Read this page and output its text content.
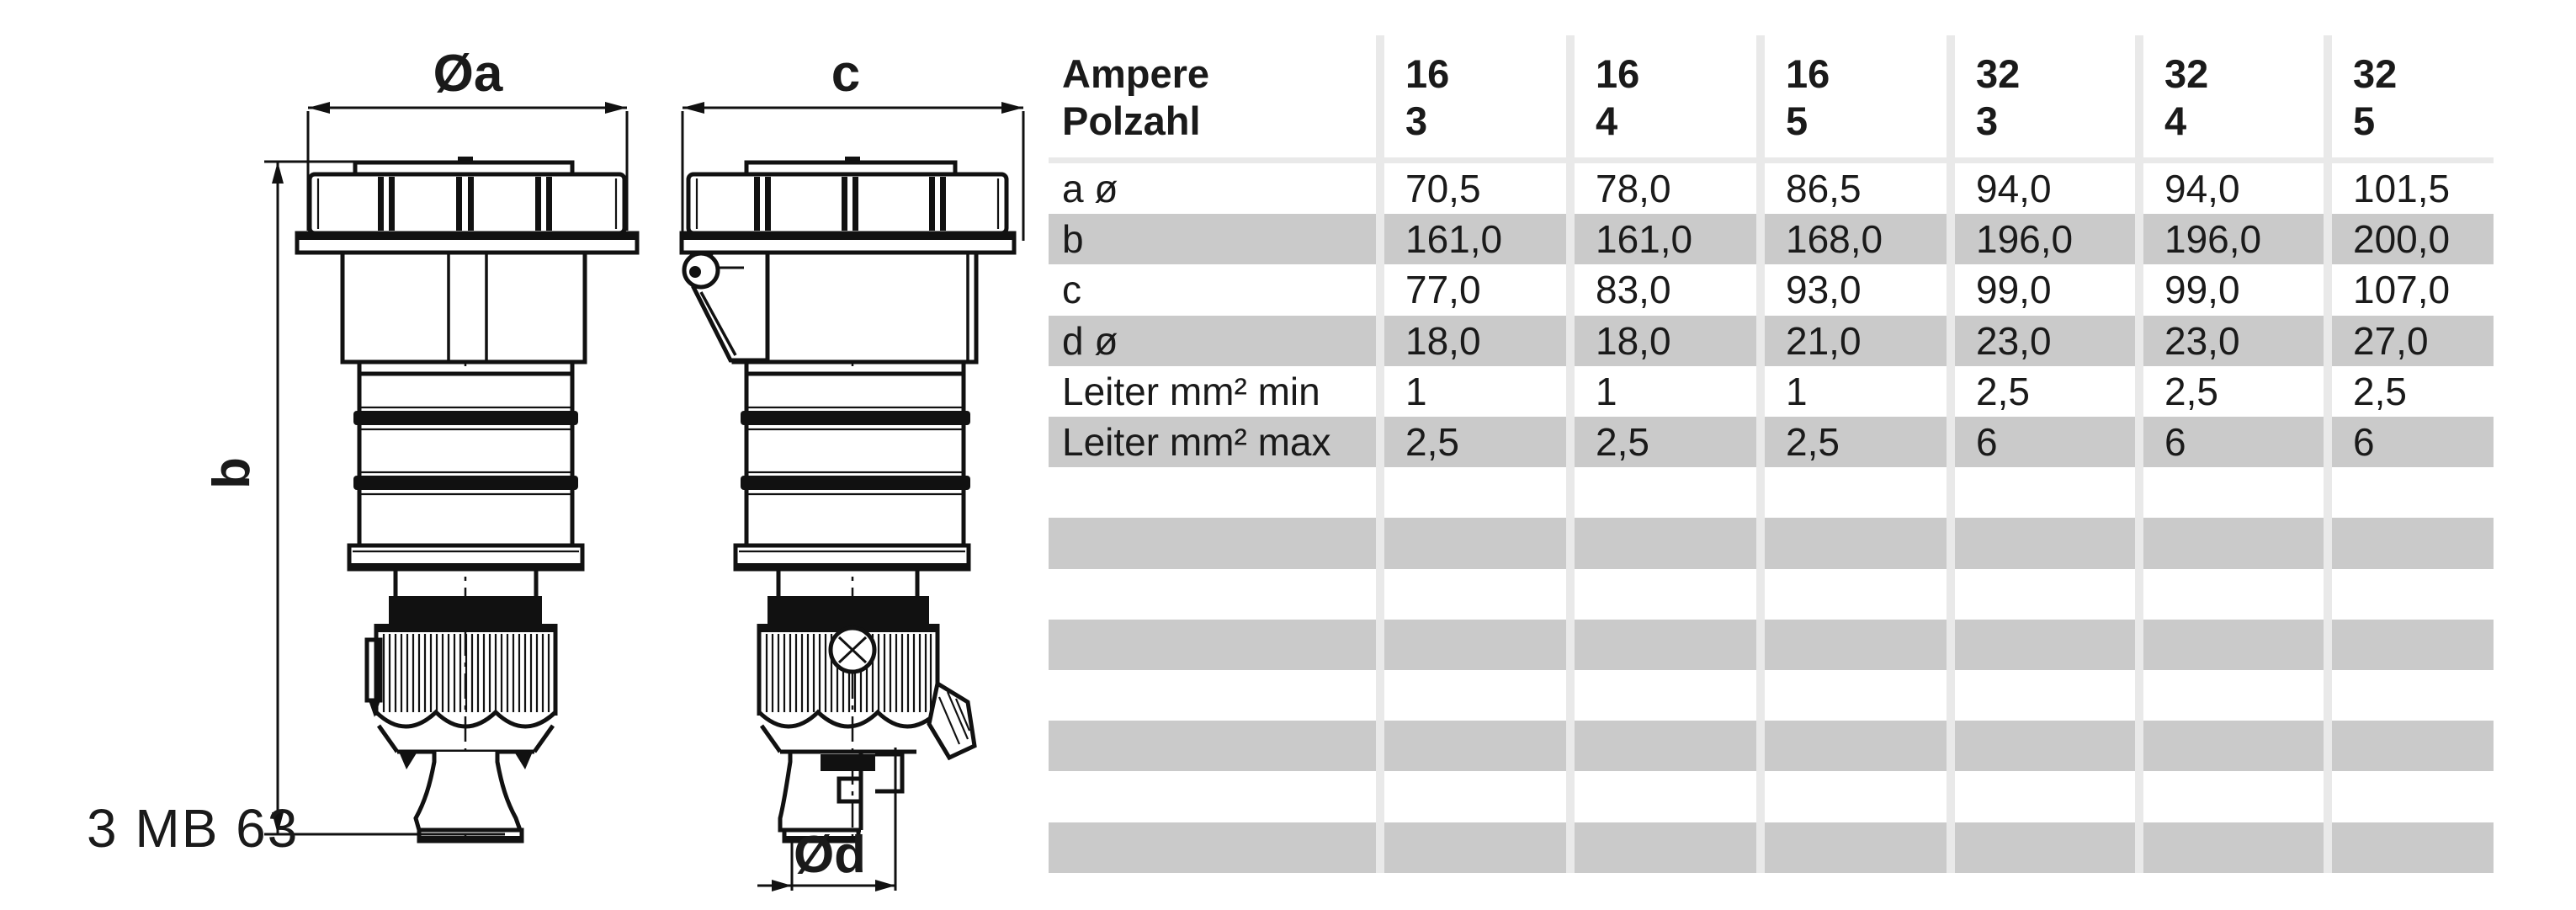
Øa
b
c
Ød
3 MB 63
Ampere	16	16	16	32	32	32
Polzahl	3	4	5	3	4	5
a ø	70,5	78,0	86,5	94,0	94,0	101,5
b	161,0 161,0 168,0 196,0 196,0 200,0
c	77,0	83,0	93,0	99,0	99,0	107,0
d ø	18,0	18,0	21,0	23,0	23,0	27,0
Leiter mm² min 1	1	1	2,5	2,5	2,5
Leiter mm² max 2,5	2,5	2,5	6	6	6
